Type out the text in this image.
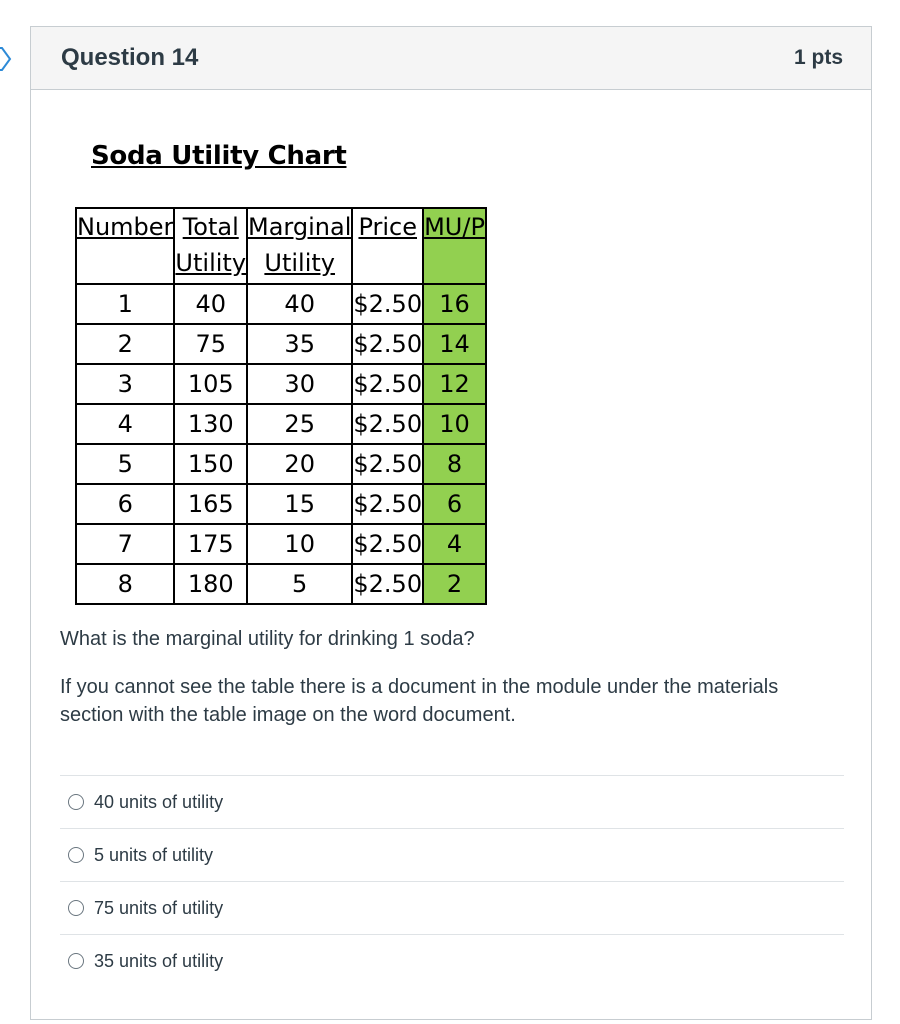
Question 14	1 pts
Soda Utility Chart
Number	Total Utility	Marginal Utility	Price	MU/P
1	40	40	$2.50	16
2	75	35	$2.50	14
3	105	30	$2.50	12
4	130	25	$2.50	10
5	150	20	$2.50	8
6	165	15	$2.50	6
7	175	10	$2.50	4
8	180	5	$2.50	2

What is the marginal utility for drinking 1 soda?

If you cannot see the table there is a document in the module under the materials section with the table image on the word document.

40 units of utility
5 units of utility
75 units of utility
35 units of utility
